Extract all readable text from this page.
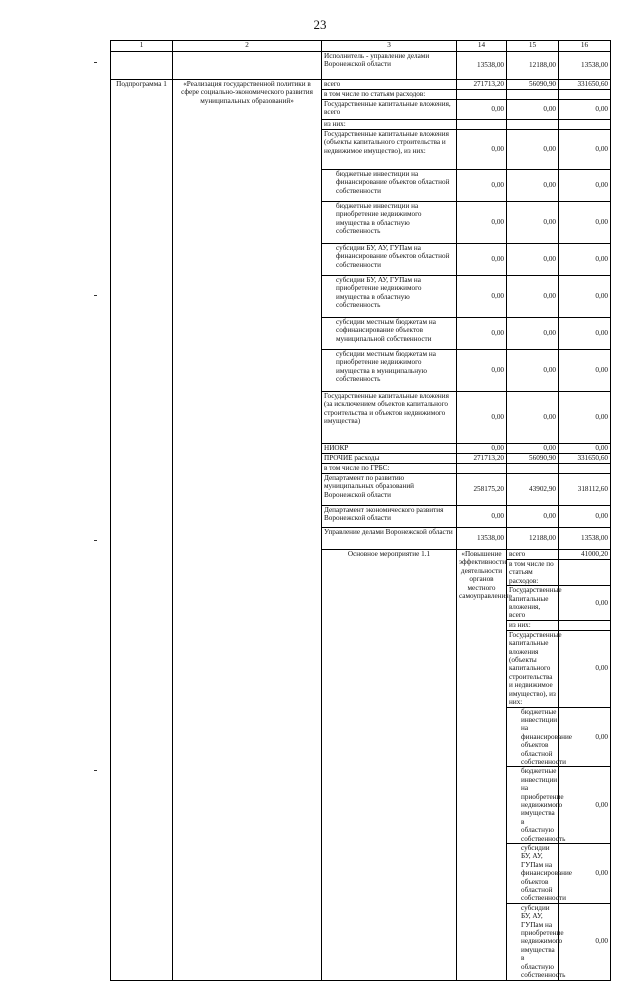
23
1	2	3	14	15	16	
		Исполнитель - управление делами Воронежской области	13538,00	12188,00	13538,00	
Подпрограмма 1	«Реализация государственной политики в сфере социально-экономического развития муниципальных образований»	всего	271713,20	56090,90	331650,60	
		в том числе по статьям расходов:				
		Государственные капитальные вложения, всего	0,00	0,00	0,00	
		из них:				
		Государственные капитальные вложения (объекты капитального строительства и недвижимое имущество), из них:	0,00	0,00	0,00	
		бюджетные инвестиции на финансирование объектов областной собственности	0,00	0,00	0,00	
		бюджетные инвестиции на приобретение недвижимого имущества в областную собственность	0,00	0,00	0,00	
		субсидии БУ, АУ, ГУПам на финансирование объектов областной собственности	0,00	0,00	0,00	
		субсидии БУ, АУ, ГУПам на приобретение недвижимого имущества в областную собственность	0,00	0,00	0,00	
		субсидии местным бюджетам на софинансирование объектов муниципальной собственности	0,00	0,00	0,00	
		субсидии местным бюджетам на приобретение недвижимого имущества в муниципальную собственность	0,00	0,00	0,00	
		Государственные капитальные вложения (за исключением объектов капитального строительства и объектов недвижимого имущества)	0,00	0,00	0,00	
		НИОКР	0,00	0,00	0,00	
		ПРОЧИЕ расходы	271713,20	56090,90	331650,60	
		в том числе по ГРБС:				
		Департамент по развитию муниципальных образований Воронежской области	258175,20	43902,90	318112,60	
		Департамент экономического развития Воронежской области	0,00	0,00	0,00	
		Управление делами Воронежской области	13538,00	12188,00	13538,00	
		Основное мероприятие 1.1	«Повышение эффективности деятельности органов местного самоуправления»	всего	41000,20		
				в том числе по статьям расходов:			
				Государственные капитальные вложения, всего	0,00		
				из них:			
				Государственные капитальные вложения (объекты капитального строительства и недвижимое имущество), из них:	0,00		
				бюджетные инвестиции на финансирование объектов областной собственности	0,00		
				бюджетные инвестиции на приобретение недвижимого имущества в областную собственность	0,00		
				субсидии БУ, АУ, ГУПам на финансирование объектов областной собственности	0,00		
				субсидии БУ, АУ, ГУПам на приобретение недвижимого имущества в областную собственность	0,00		
